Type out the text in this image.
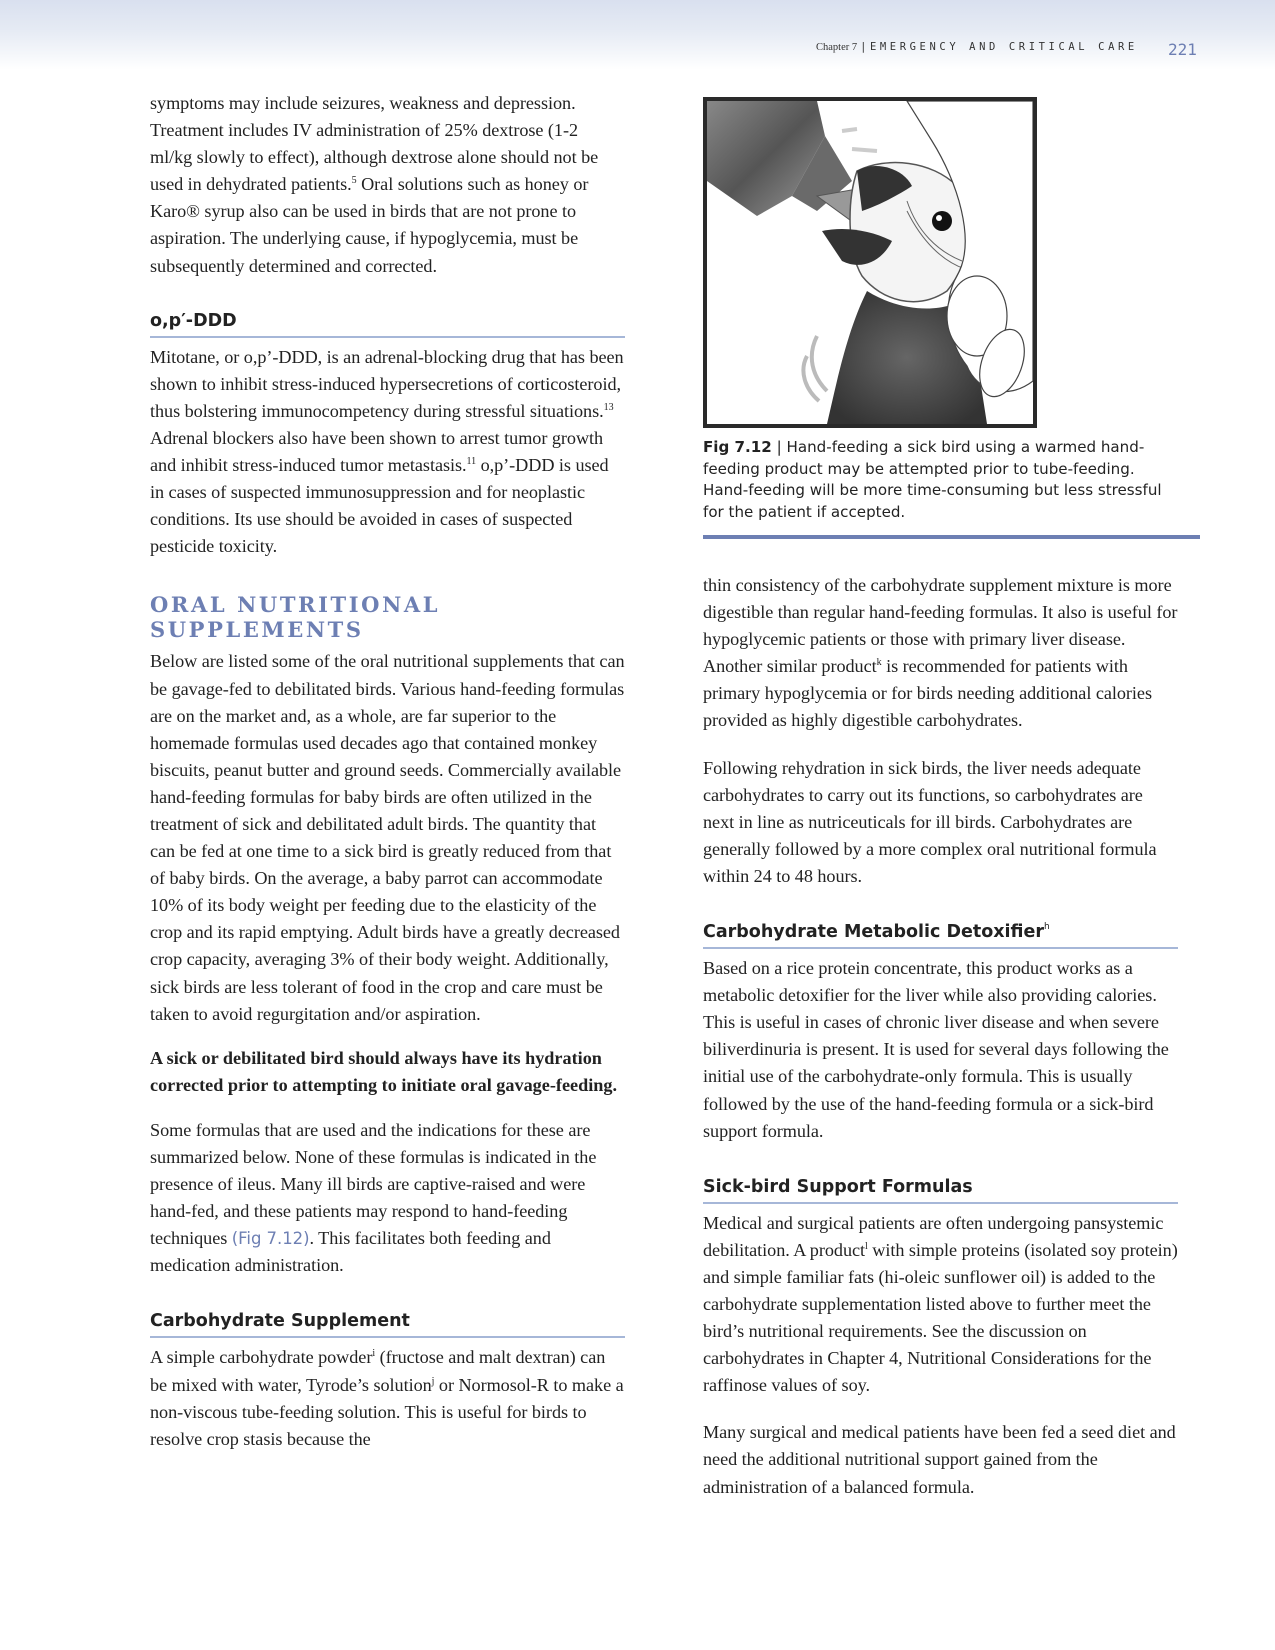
Chapter 7 | EMERGENCY AND CRITICAL CARE 221

symptoms may include seizures, weakness and depression. Treatment includes IV administration of 25% dextrose (1-2 ml/kg slowly to effect), although dextrose alone should not be used in dehydrated patients.$^5$ Oral solutions such as honey or Karo® syrup also can be used in birds that are not prone to aspiration. The underlying cause, if hypoglycemia, must be subsequently determined and corrected.

o,p′-DDD

Mitotane, or o,p’-DDD, is an adrenal-blocking drug that has been shown to inhibit stress-induced hypersecretions of corticosteroid, thus bolstering immunocompetency during stressful situations.$^{13}$ Adrenal blockers also have been shown to arrest tumor growth and inhibit stress-induced tumor metastasis.$^{11}$ o,p’-DDD is used in cases of suspected immunosuppression and for neoplastic conditions. Its use should be avoided in cases of suspected pesticide toxicity.

ORAL NUTRITIONAL SUPPLEMENTS

Below are listed some of the oral nutritional supplements that can be gavage-fed to debilitated birds. Various hand-feeding formulas are on the market and, as a whole, are far superior to the homemade formulas used decades ago that contained monkey biscuits, peanut butter and ground seeds. Commercially available hand-feeding formulas for baby birds are often utilized in the treatment of sick and debilitated adult birds. The quantity that can be fed at one time to a sick bird is greatly reduced from that of baby birds. On the average, a baby parrot can accommodate 10% of its body weight per feeding due to the elasticity of the crop and its rapid emptying. Adult birds have a greatly decreased crop capacity, averaging 3% of their body weight. Additionally, sick birds are less tolerant of food in the crop and care must be taken to avoid regurgitation and/or aspiration.

A sick or debilitated bird should always have its hydration corrected prior to attempting to initiate oral gavage-feeding.

Some formulas that are used and the indications for these are summarized below. None of these formulas is indicated in the presence of ileus. Many ill birds are captive-raised and were hand-fed, and these patients may respond to hand-feeding techniques (Fig 7.12). This facilitates both feeding and medication administration.

Carbohydrate Supplement

A simple carbohydrate powder$^i$ (fructose and malt dextran) can be mixed with water, Tyrode’s solution$^j$ or Normosol-R to make a non-viscous tube-feeding solution. This is useful for birds to resolve crop stasis because the

Fig 7.12 | Hand-feeding a sick bird using a warmed hand-feeding product may be attempted prior to tube-feeding. Hand-feeding will be more time-consuming but less stressful for the patient if accepted.

thin consistency of the carbohydrate supplement mixture is more digestible than regular hand-feeding formulas. It also is useful for hypoglycemic patients or those with primary liver disease. Another similar product$^k$ is recommended for patients with primary hypoglycemia or for birds needing additional calories provided as highly digestible carbohydrates.

Following rehydration in sick birds, the liver needs adequate carbohydrates to carry out its functions, so carbohydrates are next in line as nutriceuticals for ill birds. Carbohydrates are generally followed by a more complex oral nutritional formula within 24 to 48 hours.

Carbohydrate Metabolic Detoxifier$^h$

Based on a rice protein concentrate, this product works as a metabolic detoxifier for the liver while also providing calories. This is useful in cases of chronic liver disease and when severe biliverdinuria is present. It is used for several days following the initial use of the carbohydrate-only formula. This is usually followed by the use of the hand-feeding formula or a sick-bird support formula.

Sick-bird Support Formulas

Medical and surgical patients are often undergoing pansystemic debilitation. A product$^l$ with simple proteins (isolated soy protein) and simple familiar fats (hi-oleic sunflower oil) is added to the carbohydrate supplementation listed above to further meet the bird’s nutritional requirements. See the discussion on carbohydrates in Chapter 4, Nutritional Considerations for the raffinose values of soy.

Many surgical and medical patients have been fed a seed diet and need the additional nutritional support gained from the administration of a balanced formula.
